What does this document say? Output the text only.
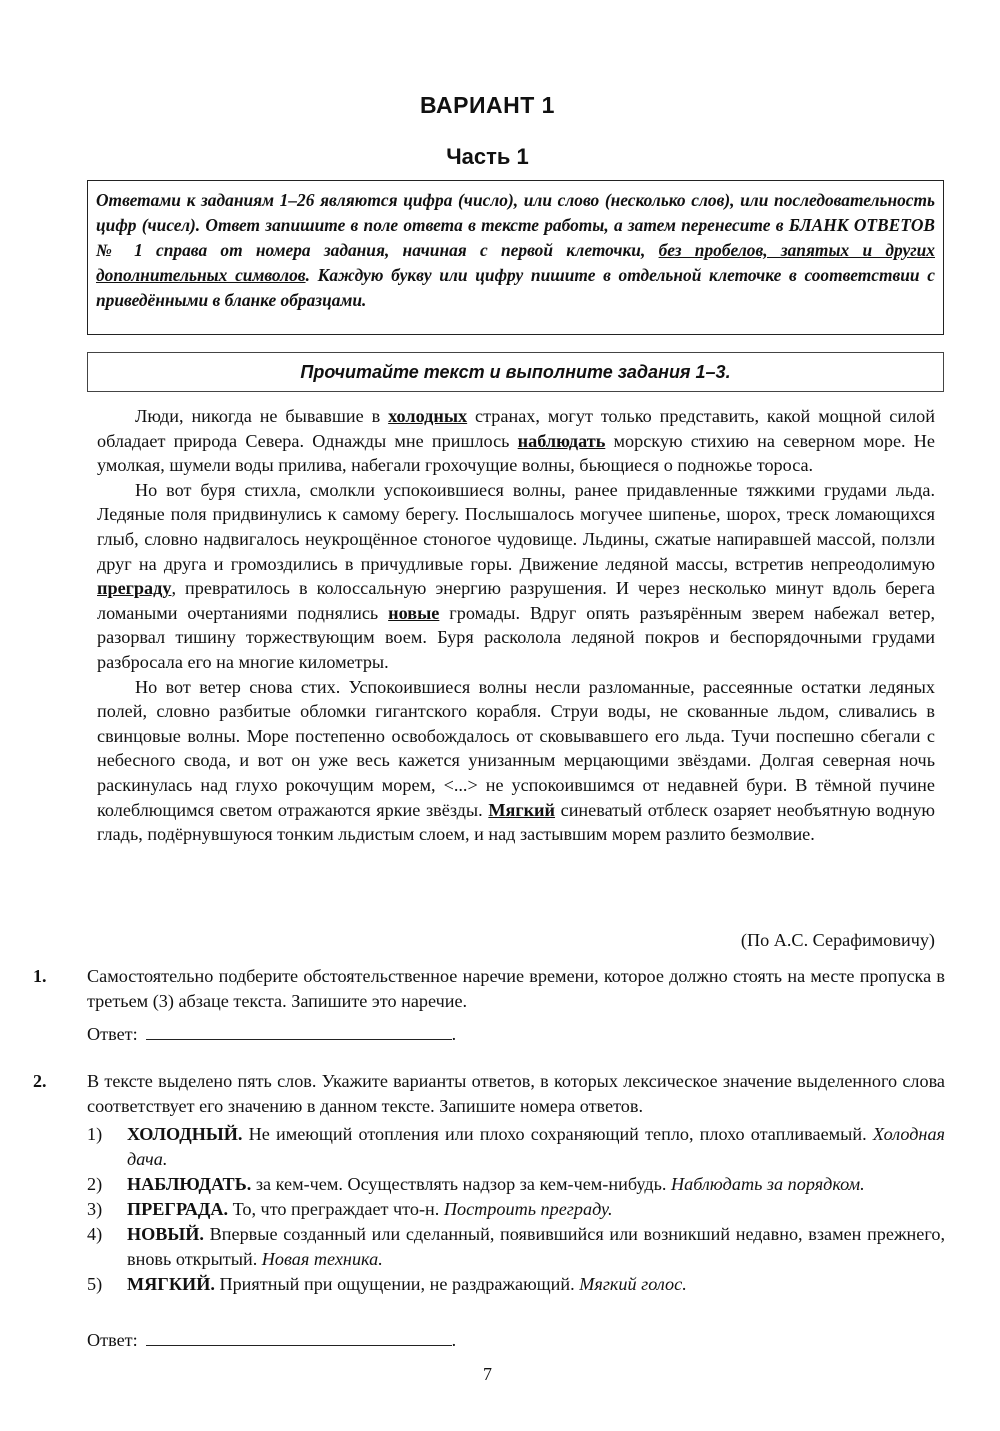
ВАРИАНТ 1
Часть 1

Ответами к заданиям 1–26 являются цифра (число), или слово (несколько слов), или последовательность цифр (чисел). Ответ запишите в поле ответа в тексте работы, а затем перенесите в БЛАНК ОТВЕТОВ № 1 справа от номера задания, начиная с первой клеточки, без пробелов, запятых и других дополнительных символов. Каждую букву или цифру пишите в отдельной клеточке в соответствии с приведёнными в бланке образцами.

Прочитайте текст и выполните задания 1–3.

Люди, никогда не бывавшие в холодных странах, могут только представить, какой мощной силой обладает природа Севера. Однажды мне пришлось наблюдать морскую стихию на северном море. Не умолкая, шумели воды прилива, набегали грохочущие волны, бьющиеся о подножье тороса.

Но вот буря стихла, смолкли успокоившиеся волны, ранее придавленные тяжкими грудами льда. Ледяные поля придвинулись к самому берегу. Послышалось могучее шипенье, шорох, треск ломающихся глыб, словно надвигалось неукрощённое стоногое чудовище. Льдины, сжатые напиравшей массой, ползли друг на друга и громоздились в причудливые горы. Движение ледяной массы, встретив непреодолимую преграду, превратилось в колоссальную энергию разрушения. И через несколько минут вдоль берега ломаными очертаниями поднялись новые громады. Вдруг опять разъярённым зверем набежал ветер, разорвал тишину торжествующим воем. Буря расколола ледяной покров и беспорядочными грудами разбросала его на многие километры.

Но вот ветер снова стих. Успокоившиеся волны несли разломанные, рассеянные остатки ледяных полей, словно разбитые обломки гигантского корабля. Струи воды, не скованные льдом, сливались в свинцовые волны. Море постепенно освобождалось от сковывавшего его льда. Тучи поспешно сбегали с небесного свода, и вот он уже весь кажется унизанным мерцающими звёздами. Долгая северная ночь раскинулась над глухо рокочущим морем, <...> не успокоившимся от недавней бури. В тёмной пучине колеблющимся светом отражаются яркие звёзды. Мягкий синеватый отблеск озаряет необъятную водную гладь, подёрнувшуюся тонким льдистым слоем, и над застывшим морем разлито безмолвие.

(По А.С. Серафимовичу)
1. Самостоятельно подберите обстоятельственное наречие времени, которое должно стоять на месте пропуска в третьем (3) абзаце текста. Запишите это наречие.
Ответ:	.
2. В тексте выделено пять слов. Укажите варианты ответов, в которых лексическое значение выделенного слова соответствует его значению в данном тексте. Запишите номера ответов.
1) ХОЛОДНЫЙ. Не имеющий отопления или плохо сохраняющий тепло, плохо отапливаемый. Холодная дача.
2) НАБЛЮДАТЬ. за кем-чем. Осуществлять надзор за кем-чем-нибудь. Наблюдать за порядком.
3) ПРЕГРАДА. То, что преграждает что-н. Построить преграду.
4) НОВЫЙ. Впервые созданный или сделанный, появившийся или возникший недавно, взамен прежнего, вновь открытый. Новая техника.
5) МЯГКИЙ. Приятный при ощущении, не раздражающий. Мягкий голос.
Ответ:	.
7
